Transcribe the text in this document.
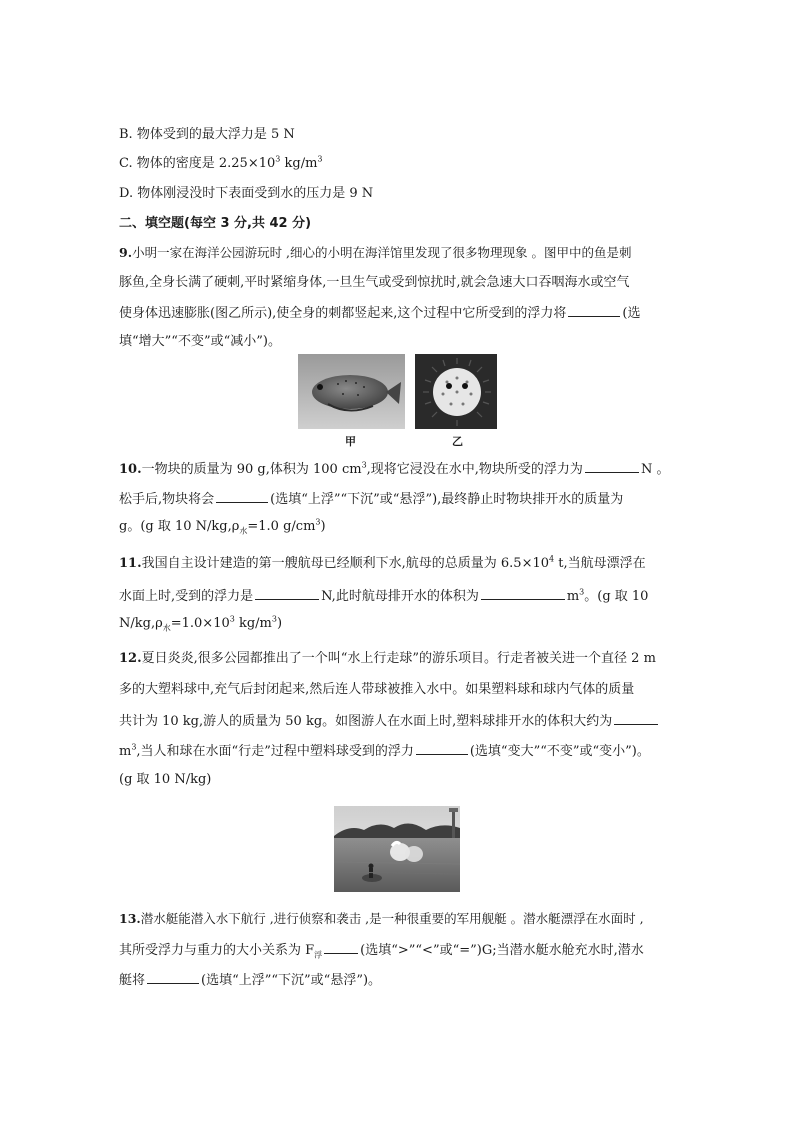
B. 物体受到的最大浮力是 5 N
C. 物体的密度是 $2.25\times 10^3$ $kg/m^3$
D. 物体刚浸没时下表面受到水的压力是 9 N
二、填空题(每空 3 分,共 42 分)
9.小明一家在海洋公园游玩时 ,细心的小明在海洋馆里发现了很多物理现象 。图甲中的鱼是刺
豚鱼,全身长满了硬刺,平时紧缩身体,一旦生气或受到惊扰时,就会急速大口吞咽海水或空气
使身体迅速膨胀(图乙所示),使全身的刺都竖起来,这个过程中它所受到的浮力将	(选
填“增大”“不变”或“减小”)。
甲	乙
10.一物块的质量为 90 g,体积为 100 $cm^3$,现将它浸没在水中,物块所受的浮力为	N 。
松手后,物块将会	(选填“上浮”“下沉”或“悬浮”),最终静止时物块排开水的质量为
g。(g 取 10 $N/kg,\rho_水=1.0$ $g/cm^3$)
11.我国自主设计建造的第一艘航母已经顺利下水,航母的总质量为 $6.5\times 10^4$ t,当航母漂浮在
水面上时,受到的浮力是	N,此时航母排开水的体积为	$m^3$。(g 取 10
$N/kg,\rho_水=1.0\times 10^3$ $kg/m^3$)
12.夏日炎炎,很多公园都推出了一个叫“水上行走球”的游乐项目。行走者被关进一个直径 2 m
多的大塑料球中,充气后封闭起来,然后连人带球被推入水中。如果塑料球和球内气体的质量
共计为 10 kg,游人的质量为 50 kg。如图游人在水面上时,塑料球排开水的体积大约为
$m^3$,当人和球在水面“行走”过程中塑料球受到的浮力	(选填“变大”“不变”或“变小”)。
(g 取 10 N/kg)
13.潜水艇能潜入水下航行 ,进行侦察和袭击 ,是一种很重要的军用舰艇 。潜水艇漂浮在水面时 ,
其所受浮力与重力的大小关系为 $F_浮$	(选填“>”“<”或“=”)G;当潜水艇水舱充水时,潜水
艇将	(选填“上浮”“下沉”或“悬浮”)。
